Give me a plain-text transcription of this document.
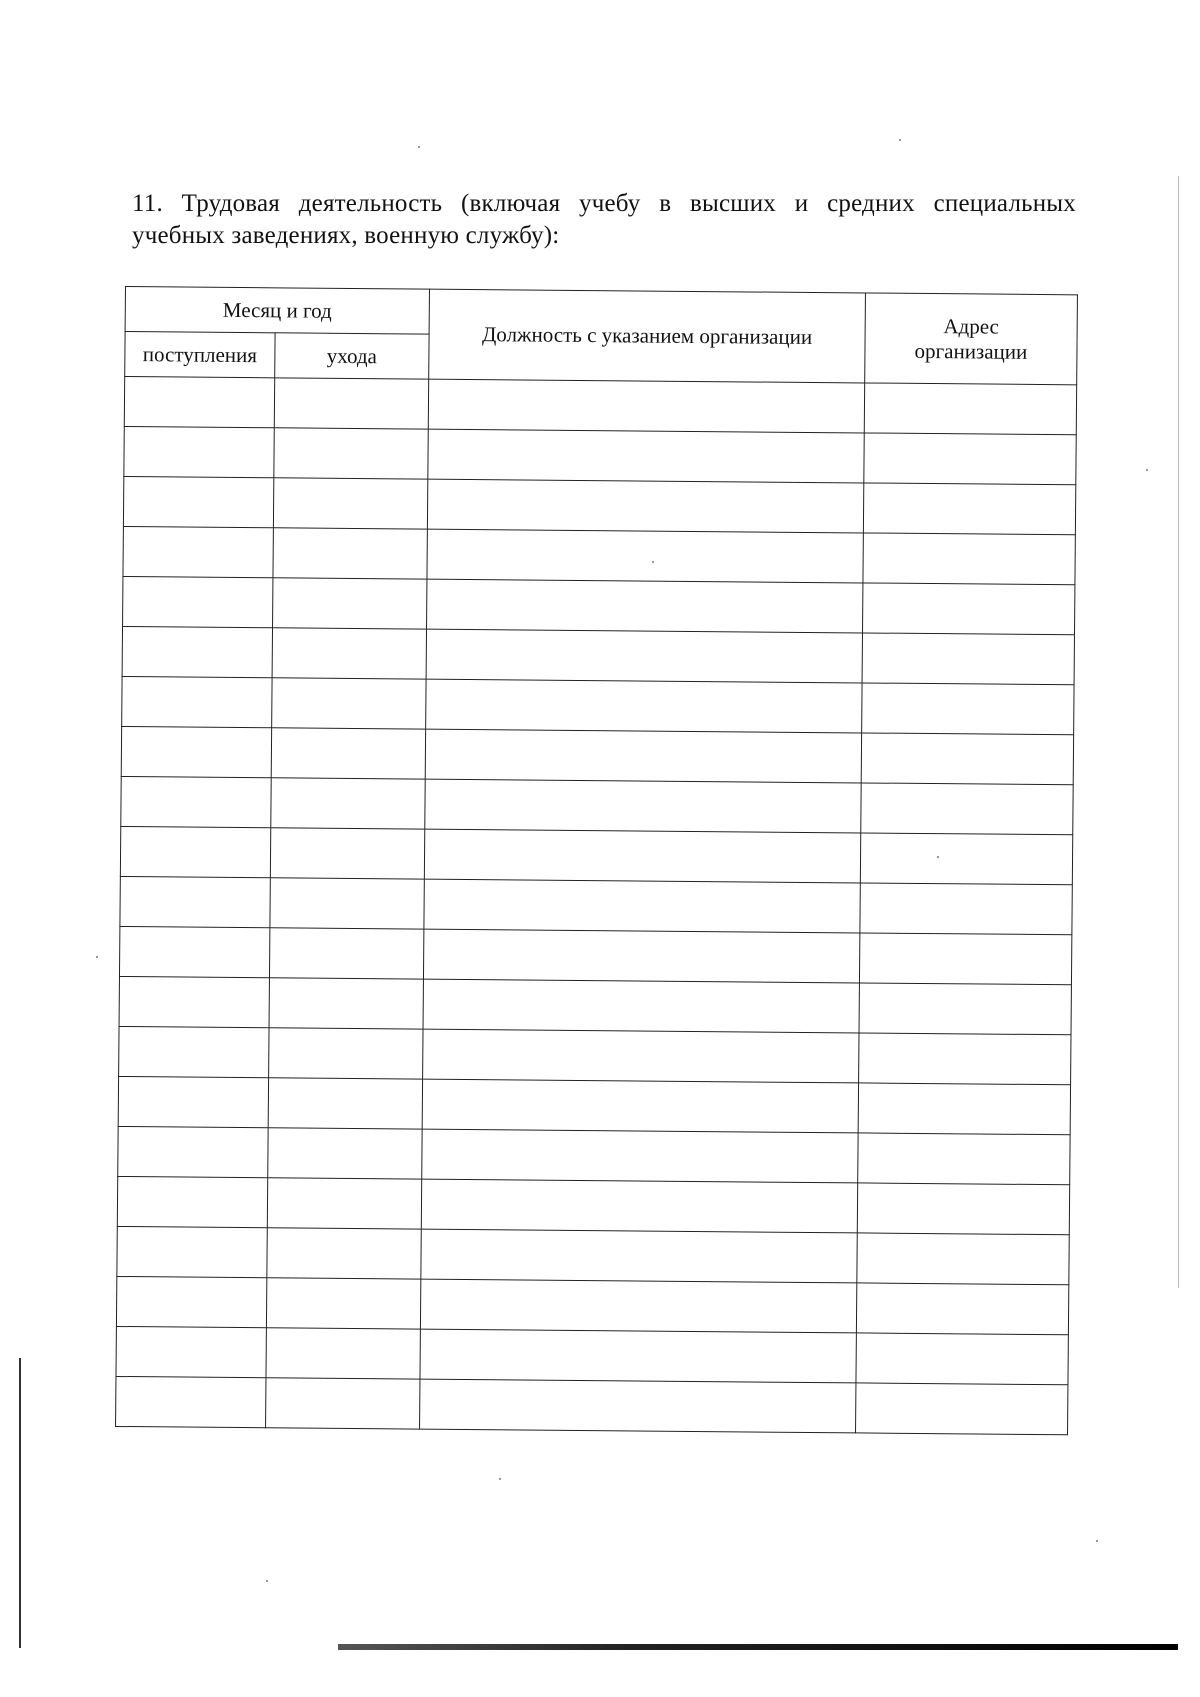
11. Трудовая деятельность (включая учебу в высших и средних специальных
учебных заведениях, военную службу):
Месяц и год		Должность с указанием организации	Адрес организации
поступления	ухода		
